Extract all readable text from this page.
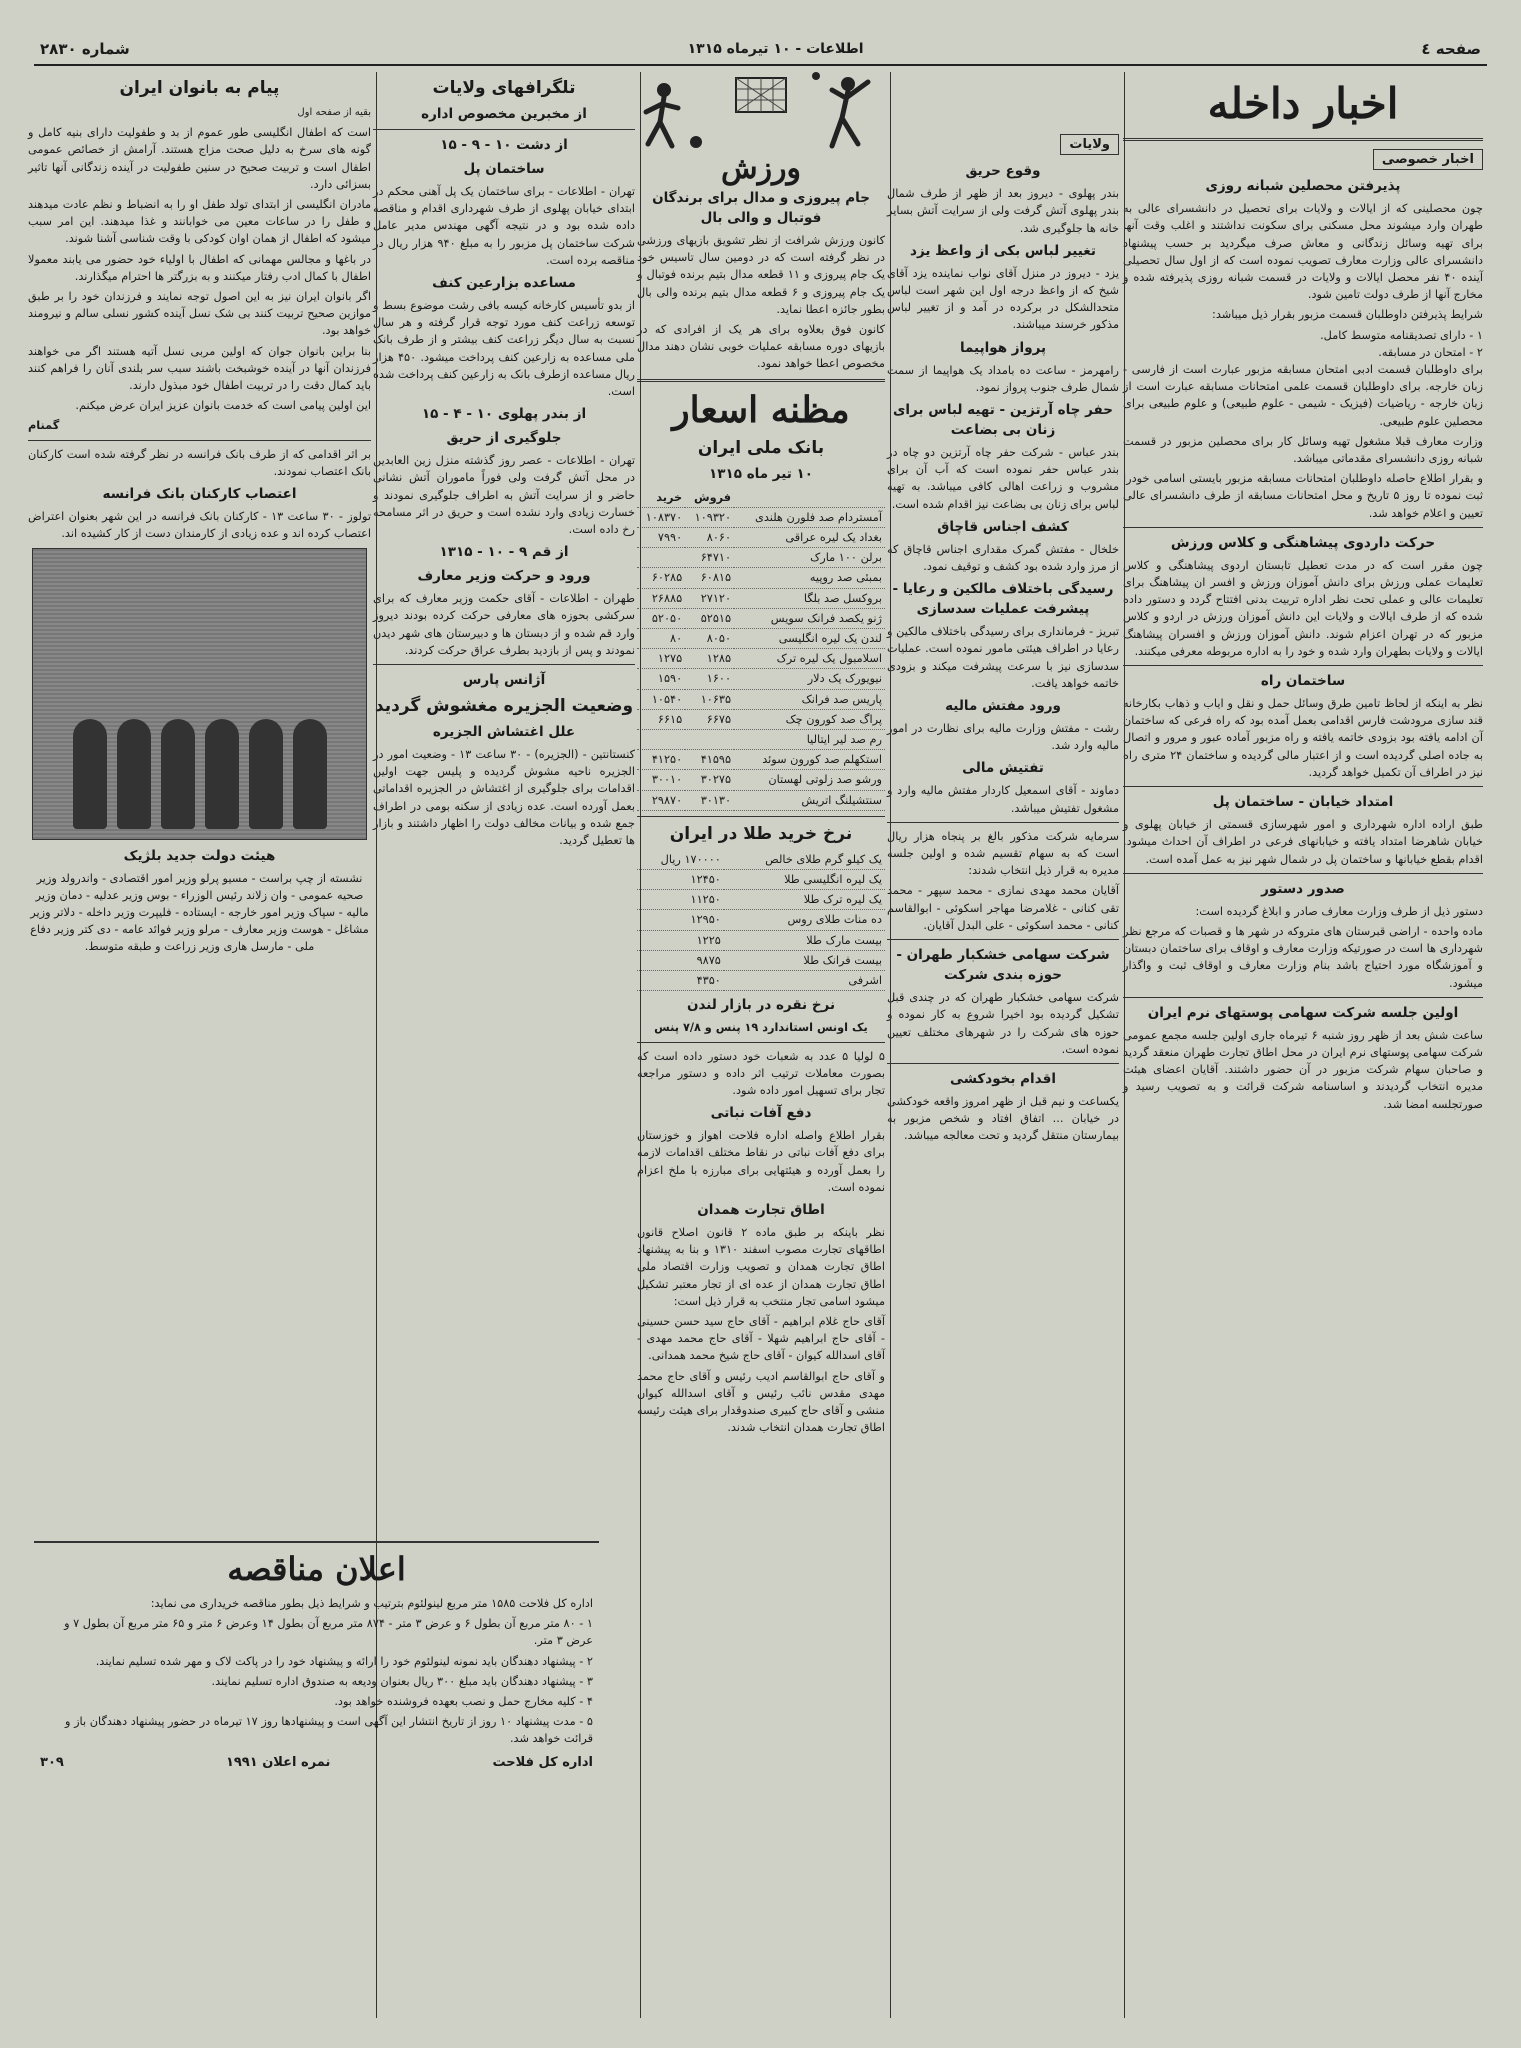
صفحه ٤
اطلاعات - ۱۰ تیرماه ۱۳۱۵
شماره ۲۸۳۰
اخبار داخله
اخبار خصوصی
پذیرفتن محصلین شبانه روزی

چون محصلینی که از ایالات و ولایات برای تحصیل در دانشسرای عالی به طهران وارد میشوند محل مسکنی برای سکونت نداشتند و اغلب وقت آنها برای تهیه وسائل زندگانی و معاش صرف میگردید بر حسب پیشنهاد دانشسرای عالی وزارت معارف تصویب نموده است که از اول سال تحصیلی آینده ۴۰ نفر محصل ایالات و ولایات در قسمت شبانه روزی پذیرفته شده و مخارج آنها از طرف دولت تامین شود.

شرایط پذیرفتن داوطلبان قسمت مزبور بقرار ذیل میباشد:

۱ - دارای تصدیقنامه متوسط کامل.

۲ - امتحان در مسابقه.

برای داوطلبان قسمت ادبی امتحان مسابقه مزبور عبارت است از فارسی - زبان خارجه. برای داوطلبان قسمت علمی امتحانات مسابقه عبارت است از زبان خارجه - ریاضیات (فیزیک - شیمی - علوم طبیعی) و علوم طبیعی برای محصلین علوم طبیعی.

وزارت معارف قبلا مشغول تهیه وسائل کار برای محصلین مزبور در قسمت شبانه روزی دانشسرای مقدماتی میباشد.

و بقرار اطلاع حاصله داوطلبان امتحانات مسابقه مزبور بایستی اسامی خودرا ثبت نموده تا روز ۵ تاریخ و محل امتحانات مسابقه از طرف دانشسرای عالی تعیین و اعلام خواهد شد.

حرکت داردوی پیشاهنگی و کلاس ورزش

چون مقرر است که در مدت تعطیل تابستان اردوی پیشاهنگی و کلاس تعلیمات عملی ورزش برای دانش آموزان ورزش و افسر ان پیشاهنگ برای تعلیمات عالی و عملی تحت نظر اداره تربیت بدنی افتتاح گردد و دستور داده شده که از طرف ایالات و ولایات این دانش آموزان ورزش در اردو و کلاس مزبور که در تهران اعزام شوند. دانش آموزان ورزش و افسران پیشاهنگ ایالات و ولایات بطهران وارد شده و خود را به اداره مربوطه معرفی میکنند.

ساختمان راه

نظر به اینکه از لحاظ تامین طرق وسائل حمل و نقل و ایاب و ذهاب بکارخانه قند سازی مرودشت فارس اقدامی بعمل آمده بود که راه فرعی که ساختمان آن ادامه یافته بود بزودی خاتمه یافته و راه مزبور آماده عبور و مرور و اتصال به جاده اصلی گردیده است و از اعتبار مالی گردیده و ساختمان ۲۴ متری راه نیز در اطراف آن تکمیل خواهد گردید.

امتداد خیابان - ساختمان پل

طبق اراده اداره شهرداری و امور شهرسازی قسمتی از خیابان پهلوی و خیابان شاهرضا امتداد یافته و خیابانهای فرعی در اطراف آن احداث میشود. اقدام بقطع خیابانها و ساختمان پل در شمال شهر نیز به عمل آمده است.

صدور دستور

دستور ذیل از طرف وزارت معارف صادر و ابلاغ گردیده است:

ماده واحده - اراضی قبرستان های متروکه در شهر ها و قصبات که مرجع نظر شهرداری ها است در صورتیکه وزارت معارف و اوقاف برای ساختمان دبستان و آموزشگاه مورد احتیاج باشد بنام وزارت معارف و اوقاف ثبت و واگذار میشود.

اولین جلسه شرکت سهامی پوستهای نرم ایران

ساعت شش بعد از ظهر روز شنبه ۶ تیرماه جاری اولین جلسه مجمع عمومی شرکت سهامی پوستهای نرم ایران در محل اطاق تجارت طهران منعقد گردید و صاحبان سهام شرکت مزبور در آن حضور داشتند. آقایان اعضای هیئت مدیره انتخاب گردیدند و اساسنامه شرکت قرائت و به تصویب رسید و صورتجلسه امضا شد.

ولایات
وقوع حریق

بندر پهلوی - دیروز بعد از ظهر از طرف شمال بندر پهلوی آتش گرفت ولی از سرایت آتش بسایر خانه ها جلوگیری شد.

تغییر لباس بکی از واعظ یزد

یزد - دیروز در منزل آقای نواب نماینده یزد آقای شیخ که از واعظ درجه اول این شهر است لباس متحدالشکل در برکرده در آمد و از تغییر لباس مذکور خرسند میباشند.

پرواز هواپیما

رامهرمز - ساعت ده بامداد یک هواپیما از سمت شمال طرف جنوب پرواز نمود.

حفر چاه آرتزین - تهیه لباس برای زنان بی بضاعت

بندر عباس - شرکت حفر چاه آرتزین دو چاه در بندر عباس حفر نموده است که آب آن برای مشروب و زراعت اهالی کافی میباشد. به تهیه لباس برای زنان بی بضاعت نیز اقدام شده است.

کشف اجناس قاچاق

خلخال - مفتش گمرک مقداری اجناس قاچاق که از مرز وارد شده بود کشف و توقیف نمود.

رسیدگی باختلاف مالکین و رعایا - پیشرفت عملیات سدسازی

تبریز - فرمانداری برای رسیدگی باختلاف مالکین و رعایا در اطراف هیئتی مامور نموده است. عملیات سدسازی نیز با سرعت پیشرفت میکند و بزودی خاتمه خواهد یافت.

ورود مفتش مالیه

رشت - مفتش وزارت مالیه برای نظارت در امور مالیه وارد شد.

تفتیش مالی

دماوند - آقای اسمعیل کاردار مفتش مالیه وارد و مشغول تفتیش میباشد.

سرمایه شرکت مذکور بالغ بر پنجاه هزار ریال است که به سهام تقسیم شده و اولین جلسه مدیره به قرار ذیل انتخاب شدند:

آقایان محمد مهدی نمازی - محمد سپهر - محمد تقی کنانی - غلامرضا مهاجر اسکوئی - ابوالقاسم کنانی - محمد اسکوئی - علی البدل آقایان.

شرکت سهامی خشکبار طهران - حوزه بندی شرکت

شرکت سهامی خشکبار طهران که در چندی قبل تشکیل گردیده بود اخیرا شروع به کار نموده و حوزه های شرکت را در شهرهای مختلف تعیین نموده است.

اقدام بخودکشی

یکساعت و نیم قبل از ظهر امروز واقعه خودکشی در خیابان ... اتفاق افتاد و شخص مزبور به بیمارستان منتقل گردید و تحت معالجه میباشد.

ورزش
جام پیروزی و مدال برای برندگان فوتبال و والی بال

کانون ورزش شرافت از نظر تشویق بازیهای ورزشی در نظر گرفته است که در دومین سال تاسیس خود یک جام پیروزی و ۱۱ قطعه مدال بتیم برنده فوتبال و یک جام پیروزی و ۶ قطعه مدال بتیم برنده والی بال بطور جائزه اعطا نماید.

کانون فوق بعلاوه برای هر یک از افرادی که در بازیهای دوره مسابقه عملیات خوبی نشان دهند مدال مخصوص اعطا خواهد نمود.

مظنه اسعار
بانک ملی ایران
۱۰ تیر ماه ۱۳۱۵
	فروش	خرید
آمستردام صد فلورن هلندی	۱۰۹۳۲۰	۱۰۸۳۷۰
بغداد یک لیره عراقی	۸۰۶۰	۷۹۹۰
برلن ۱۰۰ مارک	۶۴۷۱۰	
بمبئی صد روپیه	۶۰۸۱۵	۶۰۲۸۵
بروکسل صد بلگا	۲۷۱۲۰	۲۶۸۸۵
ژنو یکصد فرانک سویس	۵۲۵۱۵	۵۲۰۵۰
لندن یک لیره انگلیسی	۸۰۵۰	۸۰
اسلامبول یک لیره ترک	۱۲۸۵	۱۲۷۵
نیویورک یک دلار	۱۶۰۰	۱۵۹۰
پاریس صد فرانک	۱۰۶۳۵	۱۰۵۴۰
پراگ صد کورون چک	۶۶۷۵	۶۶۱۵
رم صد لیر ایتالیا		
استکهلم صد کورون سوئد	۴۱۵۹۵	۴۱۲۵۰
ورشو صد زلوتی لهستان	۳۰۲۷۵	۳۰۰۱۰
سنتشیلنگ اتریش	۳۰۱۳۰	۲۹۸۷۰
نرخ خرید طلا در ایران
یک کیلو گرم طلای خالص	۱۷۰۰۰۰ ریال
یک لیره انگلیسی طلا	۱۲۴۵۰
یک لیره ترک طلا	۱۱۲۵۰
ده منات طلای روس	۱۲۹۵۰
بیست مارک طلا	۱۲۲۵
بیست فرانک طلا	۹۸۷۵
اشرفی	۴۳۵۰
نرخ نقره در بازار لندن

یک اونس استاندارد ۱۹ پنس و ۷/۸ پنس

۵ لولیا ۵ عدد به شعبات خود دستور داده است که بصورت معاملات ترتیب اثر داده و دستور مراجعه تجار برای تسهیل امور داده شود.

دفع آفات نباتی

بقرار اطلاع واصله اداره فلاحت اهواز و خوزستان برای دفع آفات نباتی در نقاط مختلف اقدامات لازمه را بعمل آورده و هیئتهایی برای مبارزه با ملخ اعزام نموده است.

اطاق تجارت همدان

نظر باینکه بر طبق ماده ۲ قانون اصلاح قانون اطاقهای تجارت مصوب اسفند ۱۳۱۰ و بنا به پیشنهاد اطاق تجارت همدان و تصویب وزارت اقتصاد ملی اطاق تجارت همدان از عده ای از تجار معتبر تشکیل میشود اسامی تجار منتخب به قرار ذیل است:

آقای حاج غلام ابراهیم - آقای حاج سید حسن حسینی - آقای حاج ابراهیم شهلا - آقای حاج محمد مهدی - آقای اسدالله کیوان - آقای حاج شیخ محمد همدانی.

و آقای حاج ابوالقاسم ادیب رئیس و آقای حاج محمد مهدی مقدس نائب رئیس و آقای اسدالله کیوان منشی و آقای حاج کبیری صندوقدار برای هیئت رئیسه اطاق تجارت همدان انتخاب شدند.

تلگرافهای ولایات
از مخبرین مخصوص اداره
از دشت ۱۰ - ۹ - ۱۵
ساختمان پل

تهران - اطلاعات - برای ساختمان یک پل آهنی محکم در ابتدای خیابان پهلوی از طرف شهرداری اقدام و مناقصه داده شده بود و در نتیجه آگهی مهندس مدیر عامل شرکت ساختمان پل مزبور را به مبلغ ۹۴۰ هزار ریال در مناقصه برده است.

مساعده بزارعین کنف

از بدو تأسیس کارخانه کیسه بافی رشت موضوع بسط و توسعه زراعت کنف مورد توجه قرار گرفته و هر سال نسبت به سال دیگر زراعت کنف بیشتر و از طرف بانک ملی مساعده به زارعین کنف پرداخت میشود. ۴۵۰ هزار ریال مساعده ازطرف بانک به زارعین کنف پرداخت شده است.

از بندر پهلوی ۱۰ - ۴ - ۱۵
جلوگیری از حریق

تهران - اطلاعات - عصر روز گذشته منزل زین العابدین در محل آتش گرفت ولی فوراً ماموران آتش نشانی حاضر و از سرایت آتش به اطراف جلوگیری نمودند و خسارت زیادی وارد نشده است و حریق در اثر مسامحه رخ داده است.

از قم ۹ - ۱۰ - ۱۳۱۵
ورود و حرکت وزیر معارف

طهران - اطلاعات - آقای حکمت وزیر معارف که برای سرکشی بحوزه های معارفی حرکت کرده بودند دیروز وارد قم شده و از دبستان ها و دبیرستان های شهر دیدن نمودند و پس از بازدید بطرف عراق حرکت کردند.

آژانس پارس
وضعیت الجزیره مغشوش گردید
علل اغتشاش الجزیره

کنستانتین - (الجزیره) - ۳۰ ساعت ۱۳ - وضعیت امور در الجزیره ناحیه مشوش گردیده و پلیس جهت اولین اقدامات برای جلوگیری از اغتشاش در الجزیره اقداماتی بعمل آورده است. عده زیادی از سکنه بومی در اطراف جمع شده و بیانات مخالف دولت را اظهار داشتند و بازار ها تعطیل گردید.

پیام به بانوان ایران

بقیه از صفحه اول

است که اطفال انگلیسی طور عموم از بد و طفولیت دارای بنیه کامل و گونه های سرخ به دلیل صحت مزاج هستند. آرامش از خصائص عمومی اطفال است و تربیت صحیح در سنین طفولیت در آینده زندگانی آنها تاثیر بسزائی دارد.

مادران انگلیسی از ابتدای تولد طفل او را به انضباط و نظم عادت میدهند و طفل را در ساعات معین می خوابانند و غذا میدهند. این امر سبب میشود که اطفال از همان اوان کودکی با وقت شناسی آشنا شوند.

در باغها و مجالس مهمانی که اطفال با اولیاء خود حضور می یابند معمولا اطفال با کمال ادب رفتار میکنند و به بزرگتر ها احترام میگذارند.

اگر بانوان ایران نیز به این اصول توجه نمایند و فرزندان خود را بر طبق موازین صحیح تربیت کنند بی شک نسل آینده کشور نسلی سالم و نیرومند خواهد بود.

بنا براین بانوان جوان که اولین مربی نسل آتیه هستند اگر می خواهند فرزندان آنها در آینده خوشبخت باشند سبب سر بلندی آنان را فراهم کنند باید کمال دقت را در تربیت اطفال خود مبذول دارند.

این اولین پیامی است که خدمت بانوان عزیز ایران عرض میکنم.

گمنام

بر اثر اقدامی که از طرف بانک فرانسه در نظر گرفته شده است کارکنان بانک اعتصاب نمودند.

اعتصاب کارکنان بانک فرانسه

تولوز - ۳۰ ساعت ۱۳ - کارکنان بانک فرانسه در این شهر بعنوان اعتراض اعتصاب کرده اند و عده زیادی از کارمندان دست از کار کشیده اند.

هیئت دولت جدید بلژیک

نشسته از چپ براست - مسیو پرلو وزیر امور اقتصادی - واندرولد وزیر صحیه عمومی - وان زلاند رئیس الوزراء - بوس وزیر عدلیه - دمان وزیر مالیه - سپاک وزیر امور خارجه - ایستاده - فلیپرت وزیر داخله - دلاتر وزیر مشاغل - هوست وزیر معارف - مرلو وزیر فوائد عامه - دی کتر وزیر دفاع ملی - مارسل هاری وزیر زراعت و طبقه متوسط.

اعلان مناقصه

اداره کل فلاحت ۱۵۸۵ متر مربع لینولئوم بترتیب و شرایط ذیل بطور مناقصه خریداری می نماید:

۱ - ۸۰ متر مربع آن بطول ۶ و عرض ۳ متر - ۸۷۴ متر مربع آن بطول ۱۴ وعرض ۶ متر و ۶۵ متر مربع آن بطول ۷ و عرض ۳ متر.

۲ - پیشنهاد دهندگان باید نمونه لینولئوم خود را ارائه و پیشنهاد خود را در پاکت لاک و مهر شده تسلیم نمایند.

۳ - پیشنهاد دهندگان باید مبلغ ۳۰۰ ریال بعنوان ودیعه به صندوق اداره تسلیم نمایند.

۴ - کلیه مخارج حمل و نصب بعهده فروشنده خواهد بود.

۵ - مدت پیشنهاد ۱۰ روز از تاریخ انتشار این آگهی است و پیشنهادها روز ۱۷ تیرماه در حضور پیشنهاد دهندگان باز و قرائت خواهد شد.

اداره کل فلاحت
نمره اعلان ۱۹۹۱
۳۰۹
